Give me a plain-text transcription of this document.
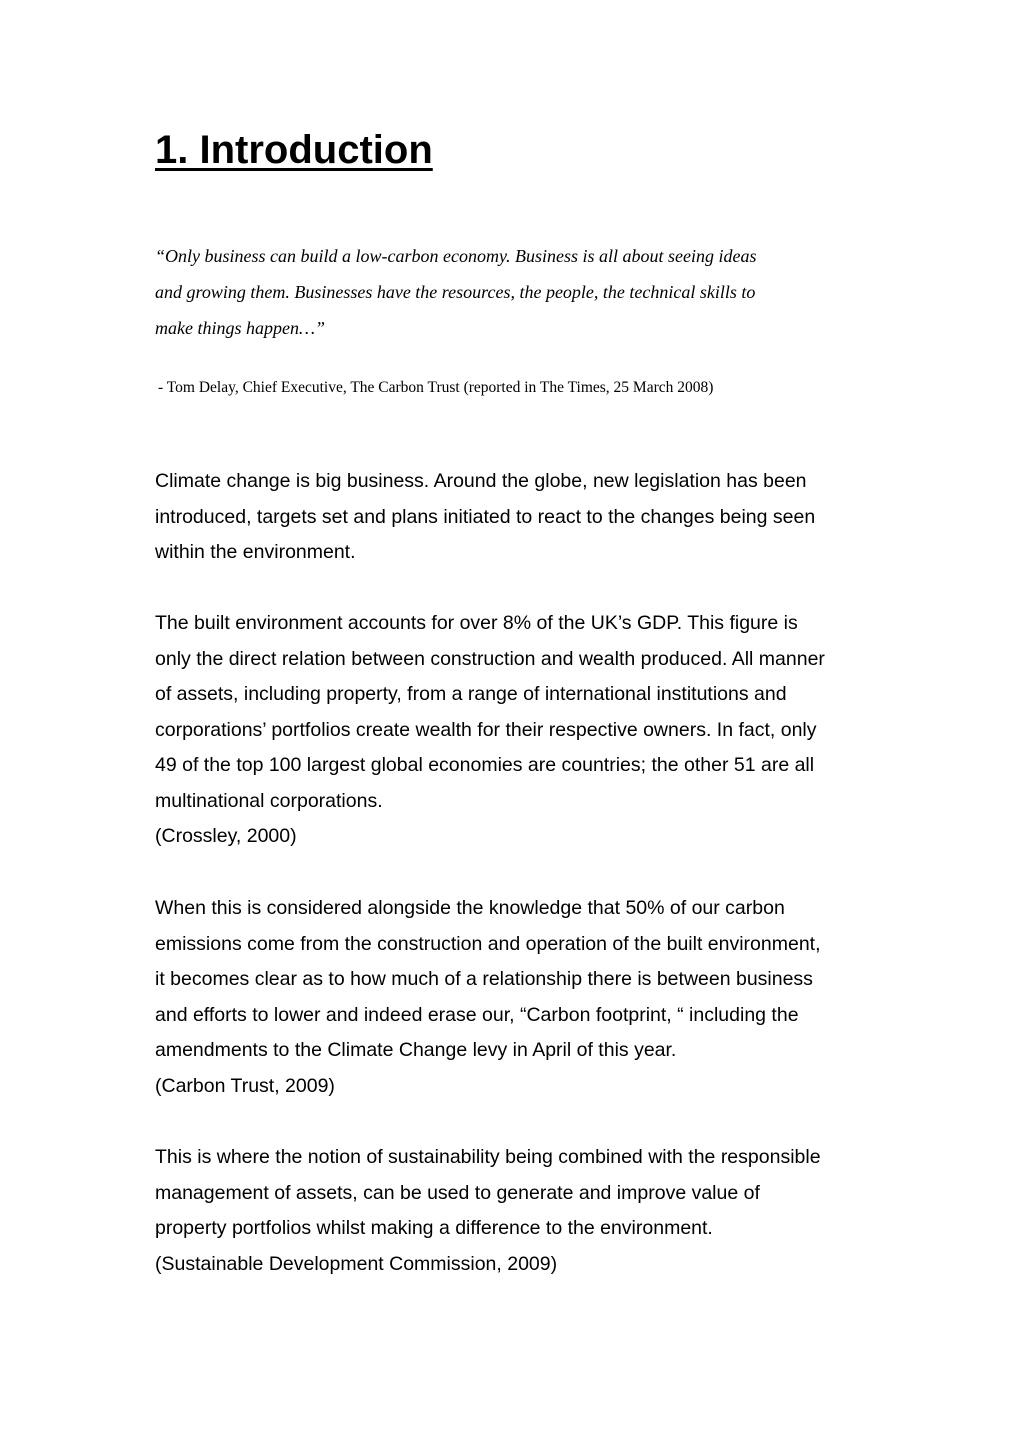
1. Introduction
“Only business can build a low-carbon economy. Business is all about seeing ideas
and growing them. Businesses have the resources, the people, the technical skills to
make things happen…”

- Tom Delay, Chief Executive, The Carbon Trust (reported in The Times, 25 March 2008)

Climate change is big business. Around the globe, new legislation has been
introduced, targets set and plans initiated to react to the changes being seen
within the environment.

The built environment accounts for over 8% of the UK’s GDP. This figure is
only the direct relation between construction and wealth produced. All manner
of assets, including property, from a range of international institutions and
corporations’ portfolios create wealth for their respective owners. In fact, only
49 of the top 100 largest global economies are countries; the other 51 are all
multinational corporations.
(Crossley, 2000)

When this is considered alongside the knowledge that 50% of our carbon
emissions come from the construction and operation of the built environment,
it becomes clear as to how much of a relationship there is between business
and efforts to lower and indeed erase our, “Carbon footprint, “ including the
amendments to the Climate Change levy in April of this year.
(Carbon Trust, 2009)

This is where the notion of sustainability being combined with the responsible
management of assets, can be used to generate and improve value of
property portfolios whilst making a difference to the environment.
(Sustainable Development Commission, 2009)
